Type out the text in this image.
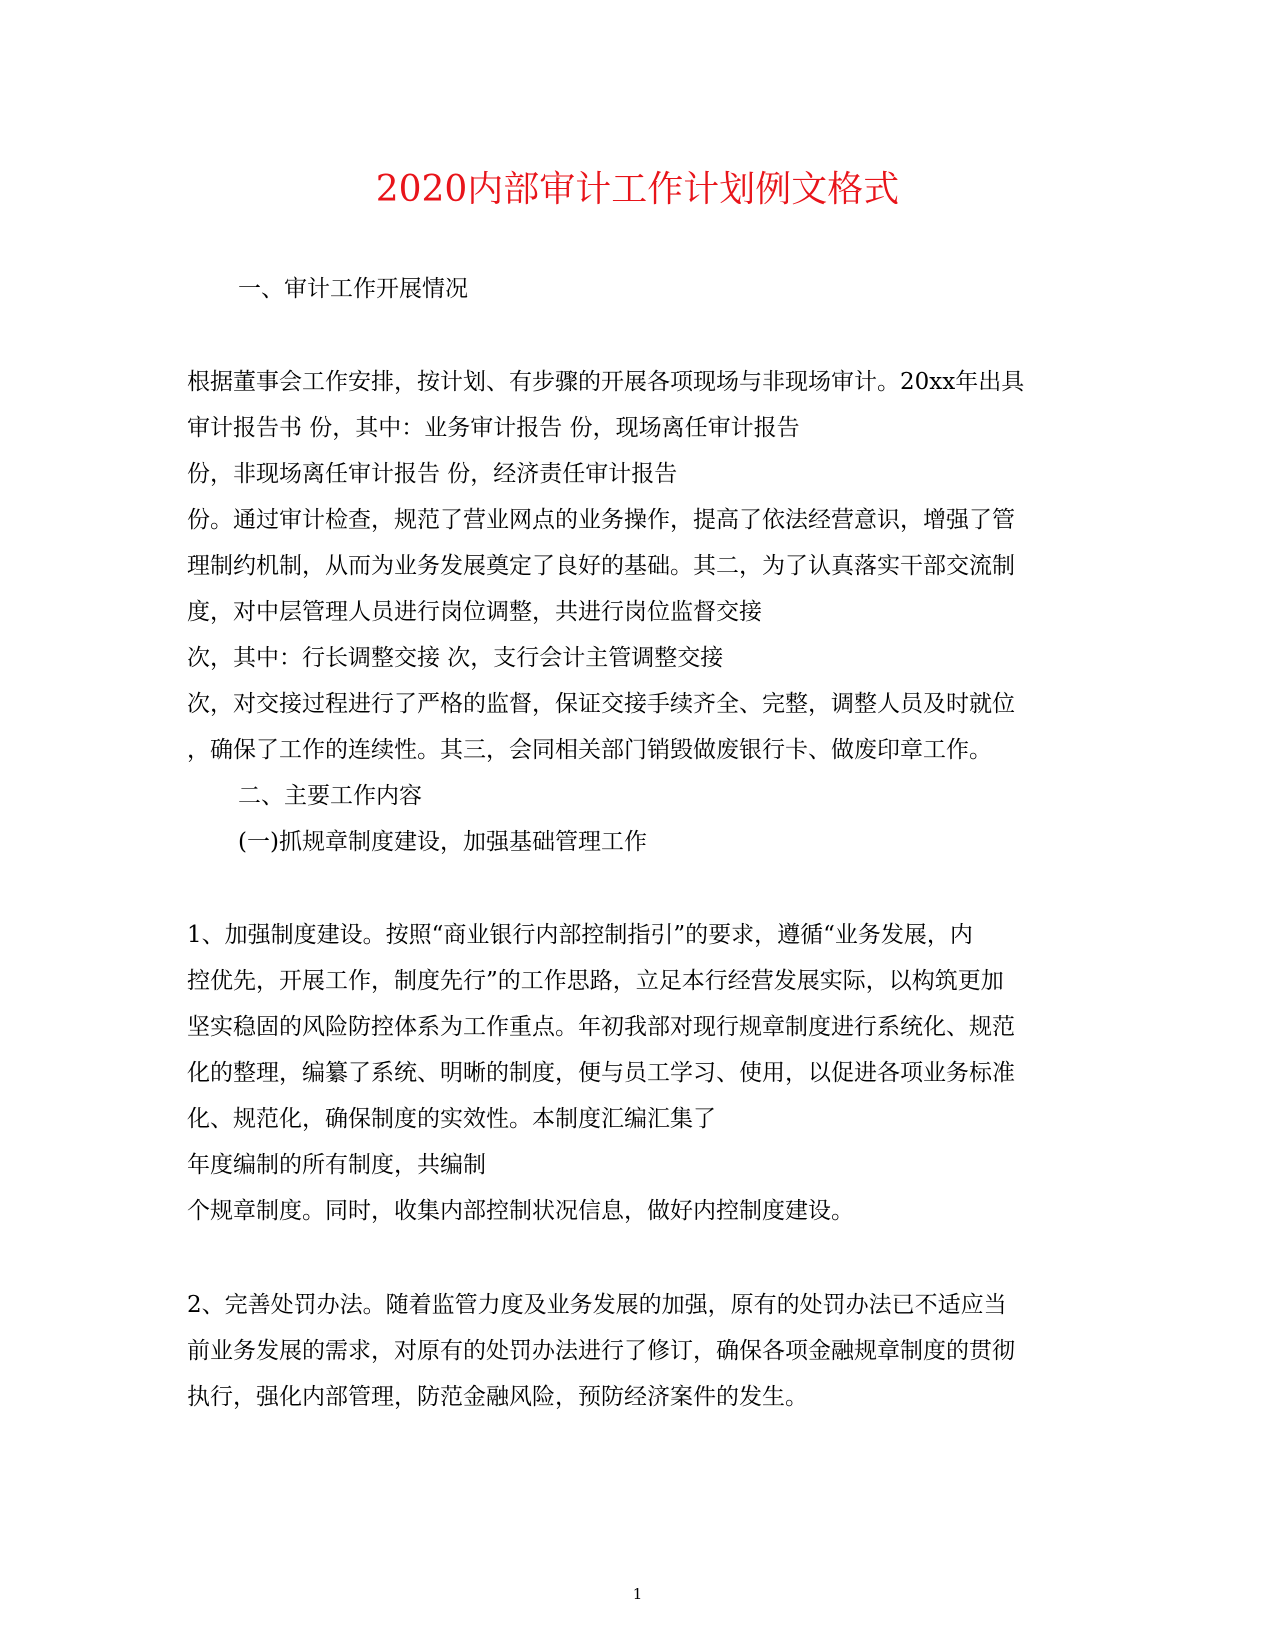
2020内部审计工作计划例文格式

一、审计工作开展情况

根据董事会工作安排，按计划、有步骤的开展各项现场与非现场审计。20xx年出具

审计报告书 份，其中：业务审计报告 份，现场离任审计报告

份，非现场离任审计报告 份，经济责任审计报告

份。通过审计检查，规范了营业网点的业务操作，提高了依法经营意识，增强了管

理制约机制，从而为业务发展奠定了良好的基础。其二，为了认真落实干部交流制

度，对中层管理人员进行岗位调整，共进行岗位监督交接

次，其中：行长调整交接 次，支行会计主管调整交接

次，对交接过程进行了严格的监督，保证交接手续齐全、完整，调整人员及时就位

，确保了工作的连续性。其三，会同相关部门销毁做废银行卡、做废印章工作。

二、主要工作内容

(一)抓规章制度建设，加强基础管理工作

1、加强制度建设。按照“商业银行内部控制指引”的要求，遵循“业务发展，内

控优先，开展工作，制度先行”的工作思路，立足本行经营发展实际，以构筑更加

坚实稳固的风险防控体系为工作重点。年初我部对现行规章制度进行系统化、规范

化的整理，编纂了系统、明晰的制度，便与员工学习、使用，以促进各项业务标准

化、规范化，确保制度的实效性。本制度汇编汇集了

年度编制的所有制度，共编制

个规章制度。同时，收集内部控制状况信息，做好内控制度建设。

2、完善处罚办法。随着监管力度及业务发展的加强，原有的处罚办法已不适应当

前业务发展的需求，对原有的处罚办法进行了修订，确保各项金融规章制度的贯彻

执行，强化内部管理，防范金融风险，预防经济案件的发生。

1
